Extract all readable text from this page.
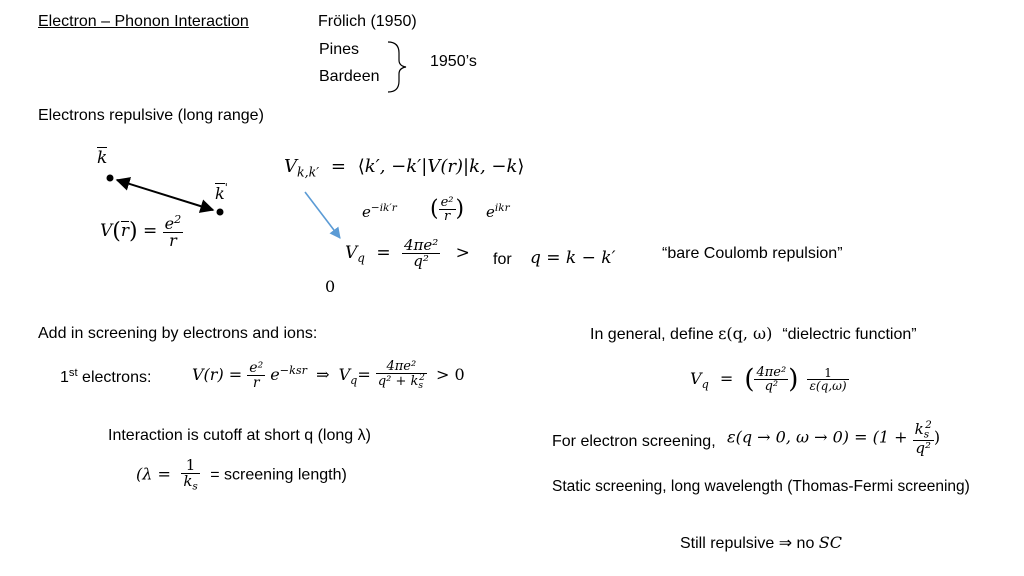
Electron – Phonon Interaction	Frölich (1950)
Pines
Bardeen
1950’s
Electrons repulsive (long range)
k
k
'
V(r
) = $\frac{e^2}{r}$
$V_{k,k'}$ = ⟨k′, −k′|V(r)|k, −k⟩
$e^{-ik'r}$ ( $\frac{\text{e²}}{r}$ ) $e^{ikr}$
$V_q = \frac{\text{4πe²}}{\text{q²}}$ >
0
for q = k − k′	“bare Coulomb repulsion”
Add in screening by electrons and ions:
1st electrons:	$V(r) = \frac{\text{e²}}{r} e^{-ksr}$ ⇒ $V_q= \frac{\text{4πe²}}{q^2 + k_s^2} > 0$
Interaction is cutoff at short q (long λ)
($\lambda = \frac{1}{k_s}$ = screening length)
In general, define ε(q, ω) “dielectric function”
$V_q$ = ( $\frac{\text{4πe²}}{\text{q²}}$ ) $\frac{1}{\varepsilon(q,\omega)}$
For electron screening, ε(q → 0, $\omega \to 0) = (1 + \frac{k_s^2}{\text{q²}}$ )
Static screening, long wavelength (Thomas-Fermi screening)
Still repulsive ⇒ no SC
